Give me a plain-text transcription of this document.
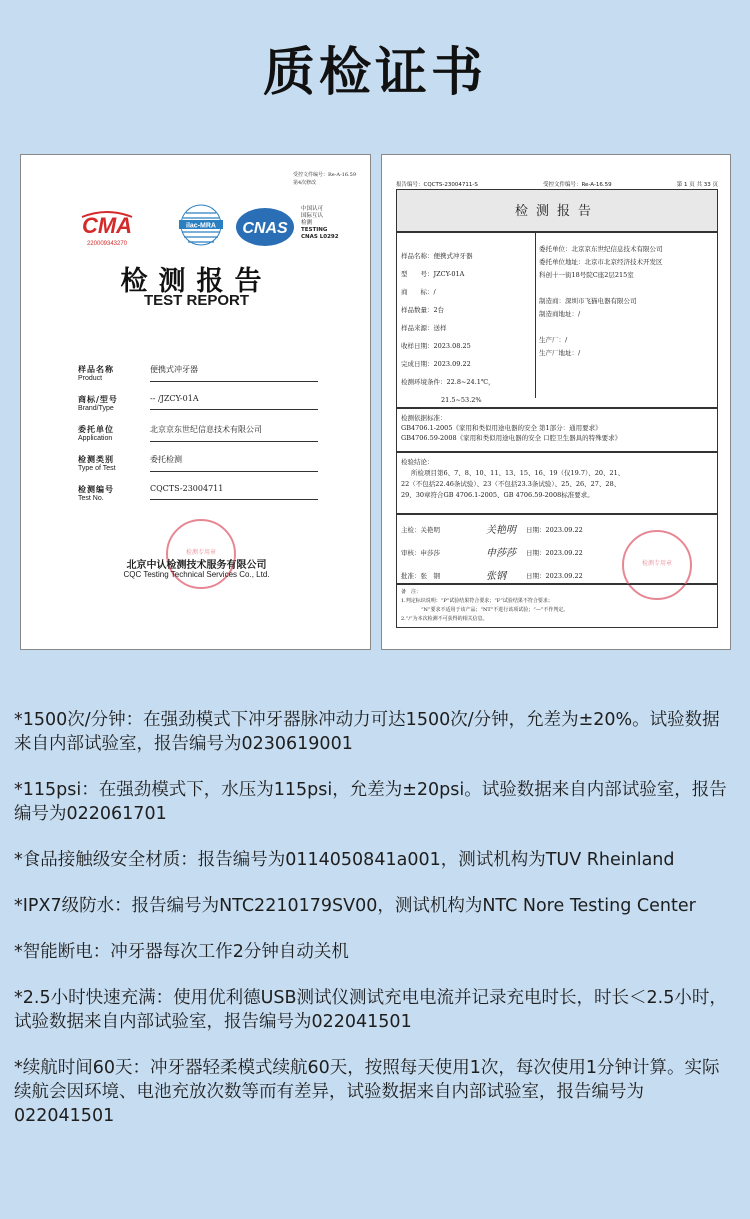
质检证书
受控文件编号：Re-A-16.59
第4次修改
CMA
220009343270
ilac-MRA CNAS
中国认可
国际互认
检测
TESTING
CNAS L0292
检测报告
TEST REPORT
样品名称
Product
便携式冲牙器
商标/型号
Brand/Type
-- /JZCY-01A
委托单位
Application
北京京东世纪信息技术有限公司
检测类别
Type of Test
委托检测
检测编号
Test No.
CQCTS-23004711
检测专用章
北京中认检测技术服务有限公司
CQC Testing Technical Services Co., Ltd.
报告编号：CQCTS-23004711-S	受控文件编号：Re-A-16.59	第 1 页 共 33 页
检测报告
样品名称：便携式冲牙器
型　　号：JZCY-01A
商　　标：/
样品数量：2台
样品来源：送样
收样日期：2023.08.25
完成日期：2023.09.22
检测环境条件：22.8~24.1℃，
21.5~53.2%
委托单位：北京京东世纪信息技术有限公司
委托单位地址：北京市北京经济技术开发区
科创十一街18号院C座2层215室

制造商：深圳市飞猫电器有限公司
制造商地址：/

生产厂：/
生产厂地址：/
检测依据标准：
GB4706.1-2005《家用和类似用途电器的安全 第1部分：通用要求》
GB4706.59-2008《家用和类似用途电器的安全 口腔卫生器具的特殊要求》
检验结论：
所检项目第6、7、8、10、11、13、15、16、19（仅19.7）、20、21、
22（不包括22.46条试验）、23（不包括23.3条试验）、25、26、27、28、
29、30章符合GB 4706.1-2005、GB 4706.59-2008标准要求。
主检：关艳明	关艳明	日期：2023.09.22
审核：申莎莎	申莎莎	日期：2023.09.22
批准：张　钢	张钢	日期：2023.09.22
检测专用章
备　注：
1.判定标识说明：“P”试验结果符合要求；“F”试验结果不符合要求；
“N”要求不适用于该产品；“NT”不进行该项试验；“—”不作判定。
2.“/”为本次检测不可获得的相关信息。
*1500次/分钟：在强劲模式下冲牙器脉冲动力可达1500次/分钟，允差为±20%。试验数据来自内部试验室，报告编号为0230619001
*115psi：在强劲模式下，水压为115psi，允差为±20psi。试验数据来自内部试验室，报告编号为022061701
*食品接触级安全材质：报告编号为0114050841a001，测试机构为TUV Rheinland
*IPX7级防水：报告编号为NTC2210179SV00，测试机构为NTC Nore Testing Center
*智能断电：冲牙器每次工作2分钟自动关机
*2.5小时快速充满：使用优利德USB测试仪测试充电电流并记录充电时长，时长＜2.5小时，试验数据来自内部试验室，报告编号为022041501
*续航时间60天：冲牙器轻柔模式续航60天，按照每天使用1次，每次使用1分钟计算。实际续航会因环境、电池充放次数等而有差异，试验数据来自内部试验室，报告编号为022041501
